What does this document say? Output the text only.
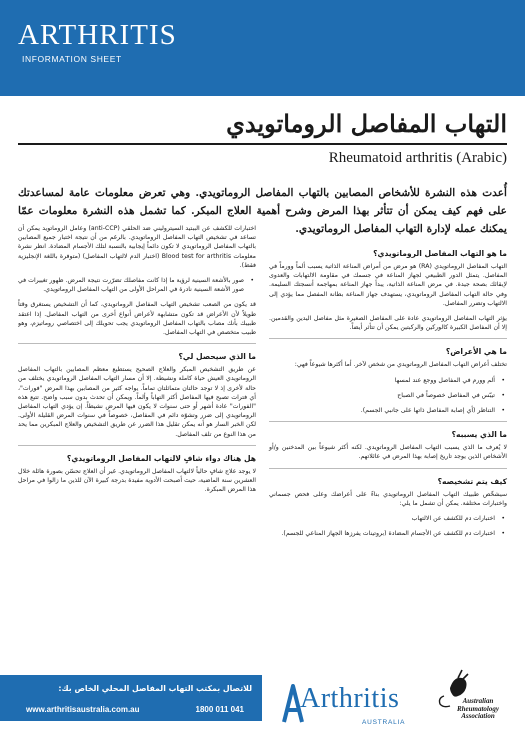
ARTHRITIS
INFORMATION SHEET
التهاب المفاصل الروماتويدي
Rheumatoid arthritis (Arabic)
أُعدت هذه النشرة للأشخاص المصابين بالتهاب المفاصل الروماتويدي. وهي تعرض معلومات عامة لمساعدتك على فهم كيف يمكن أن تتأثر بهذا المرض وشرح أهمية العلاج المبكر. كما تشمل هذه النشرة معلومات عمّا يمكنك عمله لإدارة التهاب المفاصل الروماتويدي.
ما هو التهاب المفاصل الروماتويدي؟

التهاب المفاصل الروماتويدي (RA) هو مرض من أمراض المناعة الذاتية يسبب ألماً وورماً في المفاصل. يتمثل الدور الطبيعي لجهاز المناعة في جسمك في مقاومة الالتهابات والعدوى لإبقائك بصحة جيدة. في مرض المناعة الذاتية، يبدأ جهاز المناعة بمهاجمة أنسجتك السليمة. وفي حالة التهاب المفاصل الروماتويدي، يستهدف جهاز المناعة بطانة المفصل مما يؤدي إلى الالتهاب وتضرر المفاصل.

يؤثر التهاب المفاصل الروماتويدي عادة على المفاصل الصغيرة مثل مفاصل اليدين والقدمين. إلا أن المفاصل الكبيرة كالوركين والركبتين يمكن أن تتأثر أيضاً.

ما هي الأعراض؟

تختلف أعراض التهاب المفاصل الروماتويدي من شخص لآخر. أما أكثرها شيوعاً فهي:

• ألم وورم في المفاصل ووجع عند لمسها
• تيبّس في المفاصل خصوصاً في الصباح
• التناظر (أي إصابة المفاصل ذاتها على جانبي الجسم).
ما الذي يسببه؟

لا يُعرف ما الذي يسبب التهاب المفاصل الروماتويدي. لكنه أكثر شيوعاً بين المدخنين و/أو الأشخاص الذين يوجد تاريخ إصابة بهذا المرض في عائلاتهم.

كيف يتم تشخيصه؟

سيشخّص طبيبك التهاب المفاصل الروماتويدي بناءً على أعراضك وعلى فحص جسماني واختبارات مختلفة. يمكن أن تشمل ما يلي:

• اختبارات دم للكشف عن الالتهاب
• اختبارات دم للكشف عن الأجسام المضادة (بروتينات يفرزها الجهاز المناعي للجسم).

اختبارات للكشف عن الببتيد السيتروليني ضد الحلقي (anti-CCP) وعامل الروماتويد يمكن أن تساعد في تشخيص التهاب المفاصل الروماتويدي. بالرغم من أن نتيجة اختبار جميع المصابين بالتهاب المفاصل الروماتويدي لا تكون دائماً إيجابية بالنسبة لتلك الأجسام المضادة. انظر نشرة معلومات Blood test for arthritis (اختبار الدم لالتهاب المفاصل) (متوفرة باللغة الإنجليزية فقط).

• صور بالأشعة السينية لرؤية ما إذا كانت مفاصلك تضرّرت نتيجة المرض. ظهور تغييرات في صور الأشعة السينية نادرة في المراحل الأولى من التهاب المفاصل الروماتويدي.

قد يكون من الصعب تشخيص التهاب المفاصل الروماتويدي، كما أن التشخيص يستغرق وقتاً طويلاً لأن الأعراض قد تكون متشابهة لأعراض أنواع أخرى من التهاب المفاصل. إذا اعتقد طبيبك بأنك مصاب بالتهاب المفاصل الروماتويدي يجب تحويلك إلى اختصاصي روماتيزم، وهو طبيب متخصص في التهاب المفاصل.

ما الذي سيحصل لي؟

عن طريق التشخيص المبكر والعلاج الصحيح يستطيع معظم المصابين بالتهاب المفاصل الروماتويدي العيش حياة كاملة ونشيطة. إلا أن مسار التهاب المفاصل الروماتويدي يختلف من حالة لأخرى إذ لا توجد حالتان متماثلتان تماماً. يواجه كثير من المصابين بهذا المرض "فورات"، أي فترات تصبح فيها المفاصل أكثر التهاباً وألماً. ويمكن أن تحدث بدون سبب واضح. تتبع هذه "الفورات" عادة أشهر أو حتى سنوات لا يكون فيها المرض نشيطاً. إن يؤدي التهاب المفاصل الروماتويدي إلى ضرر وتشوّه دائم في المفاصل، خصوصاً في سنوات المرض القليلة الأولى. لكن الخبر السار هو أنه يمكن تقليل هذا الضرر عن طريق التشخيص والعلاج المبكرين مما يحد من هذا النوع من تلف المفاصل.

هل هناك دواء شافٍ لالتهاب المفاصل الروماتويدي؟

لا يوجد علاج شافٍ حالياً لالتهاب المفاصل الروماتويدي. غير أن العلاج تحسّن بصورة هائلة خلال العشرين سنة الماضية، حيث أصبحت الأدوية مفيدة بدرجة كبيرة الآن للذين ما زالوا في مراحل هذا المرض المبكرة.

للاتصال بمكتب التهاب المفاصل المحلي الخاص بك:
www.arthritisaustralia.com.au	1800 011 041 Arthritis
AUSTRALIA
Australian
Rheumatology
Association
